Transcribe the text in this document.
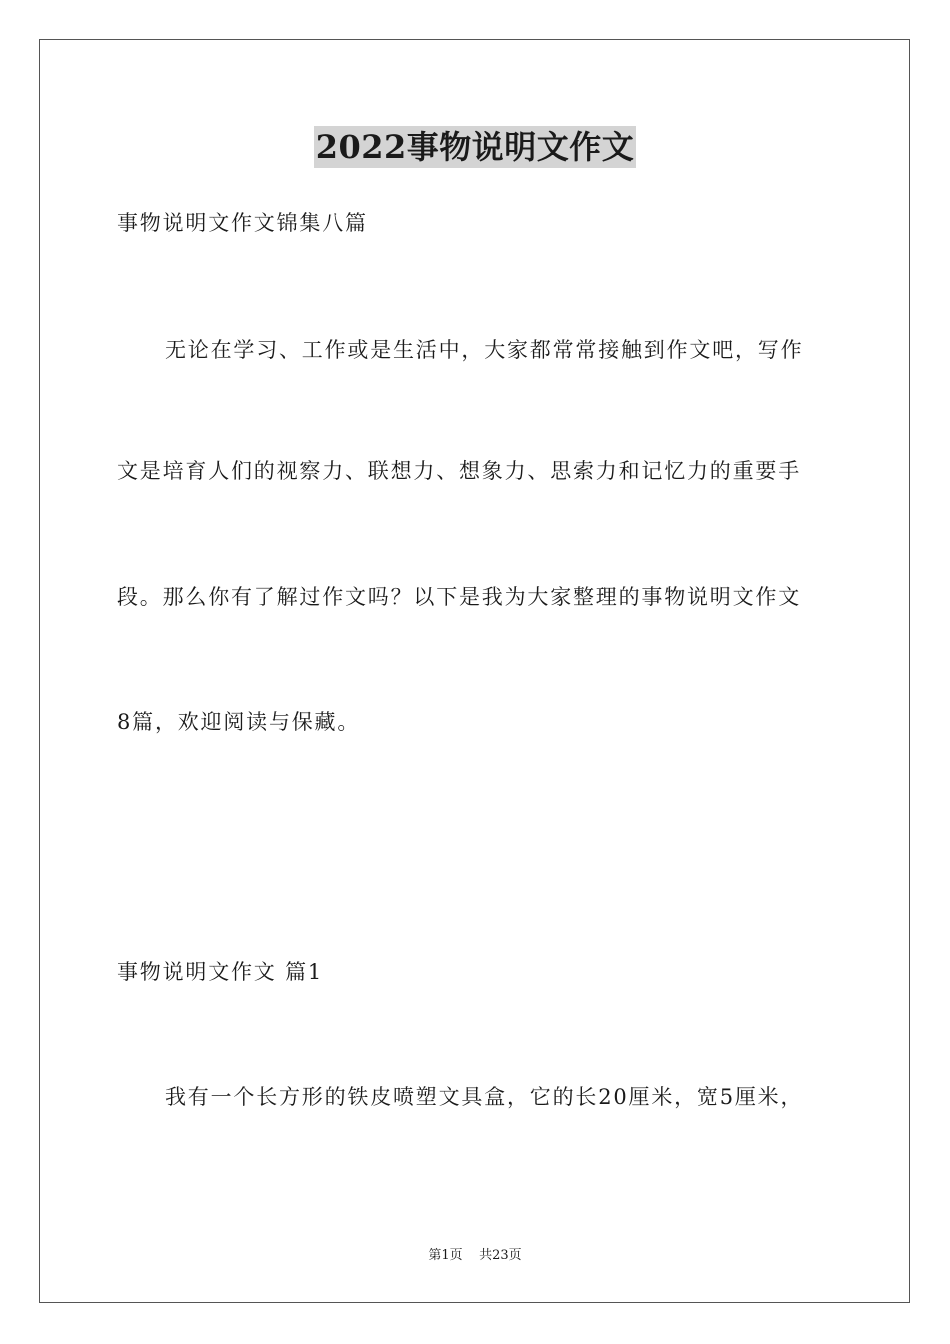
2022事物说明文作文
事物说明文作文锦集八篇
无论在学习、工作或是生活中，大家都常常接触到作文吧，写作
文是培育人们的视察力、联想力、想象力、思索力和记忆力的重要手
段。那么你有了解过作文吗？以下是我为大家整理的事物说明文作文
8篇，欢迎阅读与保藏。
事物说明文作文 篇1
我有一个长方形的铁皮喷塑文具盒，它的长20厘米，宽5厘米，
第1页 共23页
